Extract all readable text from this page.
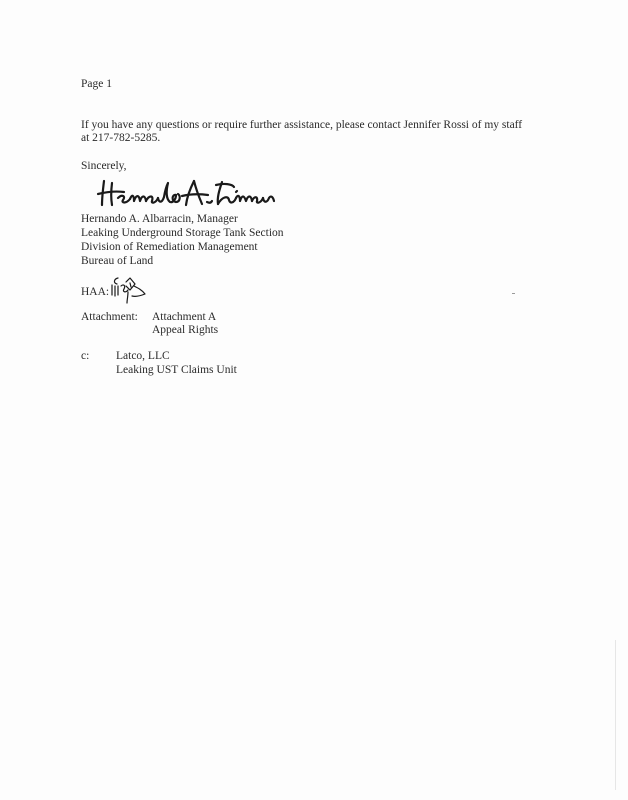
Page 1
If you have any questions or require further assistance, please contact Jennifer Rossi of my staff
at 217-782-5285.
Sincerely,
Hernando A. Albarracin, Manager
Leaking Underground Storage Tank Section
Division of Remediation Management
Bureau of Land
HAA:
Attachment: Attachment A
Appeal Rights
c: Latco, LLC
Leaking UST Claims Unit
